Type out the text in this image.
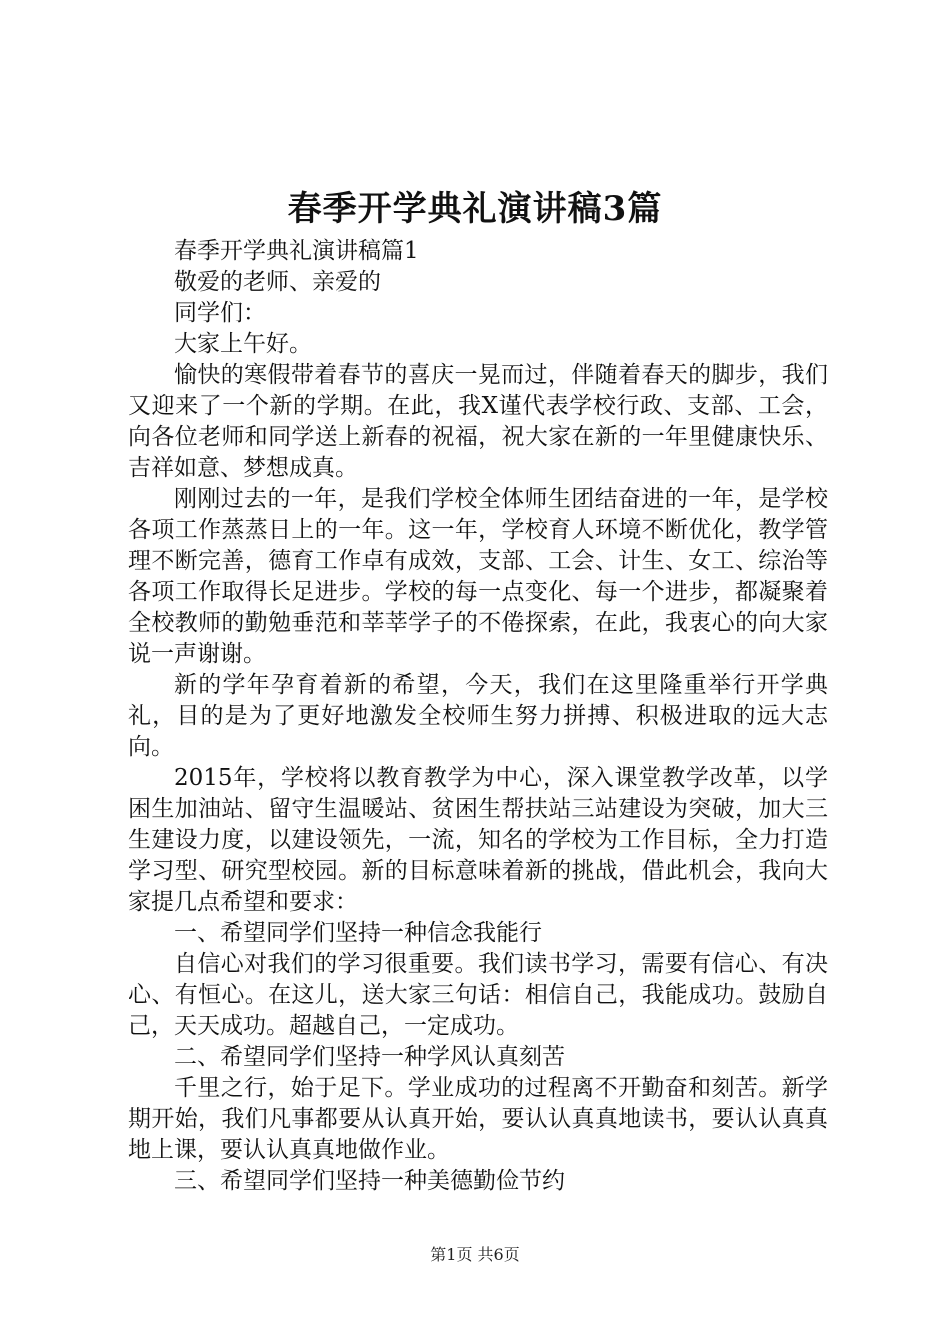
春季开学典礼演讲稿3篇

春季开学典礼演讲稿篇1

敬爱的老师、亲爱的

同学们：

大家上午好。

愉快的寒假带着春节的喜庆一晃而过，伴随着春天的脚步，我们又迎来了一个新的学期。在此，我X谨代表学校行政、支部、工会，向各位老师和同学送上新春的祝福，祝大家在新的一年里健康快乐、吉祥如意、梦想成真。

刚刚过去的一年，是我们学校全体师生团结奋进的一年，是学校各项工作蒸蒸日上的一年。这一年，学校育人环境不断优化，教学管理不断完善，德育工作卓有成效，支部、工会、计生、女工、综治等各项工作取得长足进步。学校的每一点变化、每一个进步，都凝聚着全校教师的勤勉垂范和莘莘学子的不倦探索，在此，我衷心的向大家说一声谢谢。

新的学年孕育着新的希望，今天，我们在这里隆重举行开学典礼，目的是为了更好地激发全校师生努力拼搏、积极进取的远大志向。

2015年，学校将以教育教学为中心，深入课堂教学改革，以学困生加油站、留守生温暖站、贫困生帮扶站三站建设为突破，加大三生建设力度，以建设领先，一流，知名的学校为工作目标，全力打造学习型、研究型校园。新的目标意味着新的挑战，借此机会，我向大家提几点希望和要求：

一、希望同学们坚持一种信念我能行

自信心对我们的学习很重要。我们读书学习，需要有信心、有决心、有恒心。在这儿，送大家三句话：相信自己，我能成功。鼓励自己，天天成功。超越自己，一定成功。

二、希望同学们坚持一种学风认真刻苦

千里之行，始于足下。学业成功的过程离不开勤奋和刻苦。新学期开始，我们凡事都要从认真开始，要认认真真地读书，要认认真真地上课，要认认真真地做作业。

三、希望同学们坚持一种美德勤俭节约

第1页 共6页
